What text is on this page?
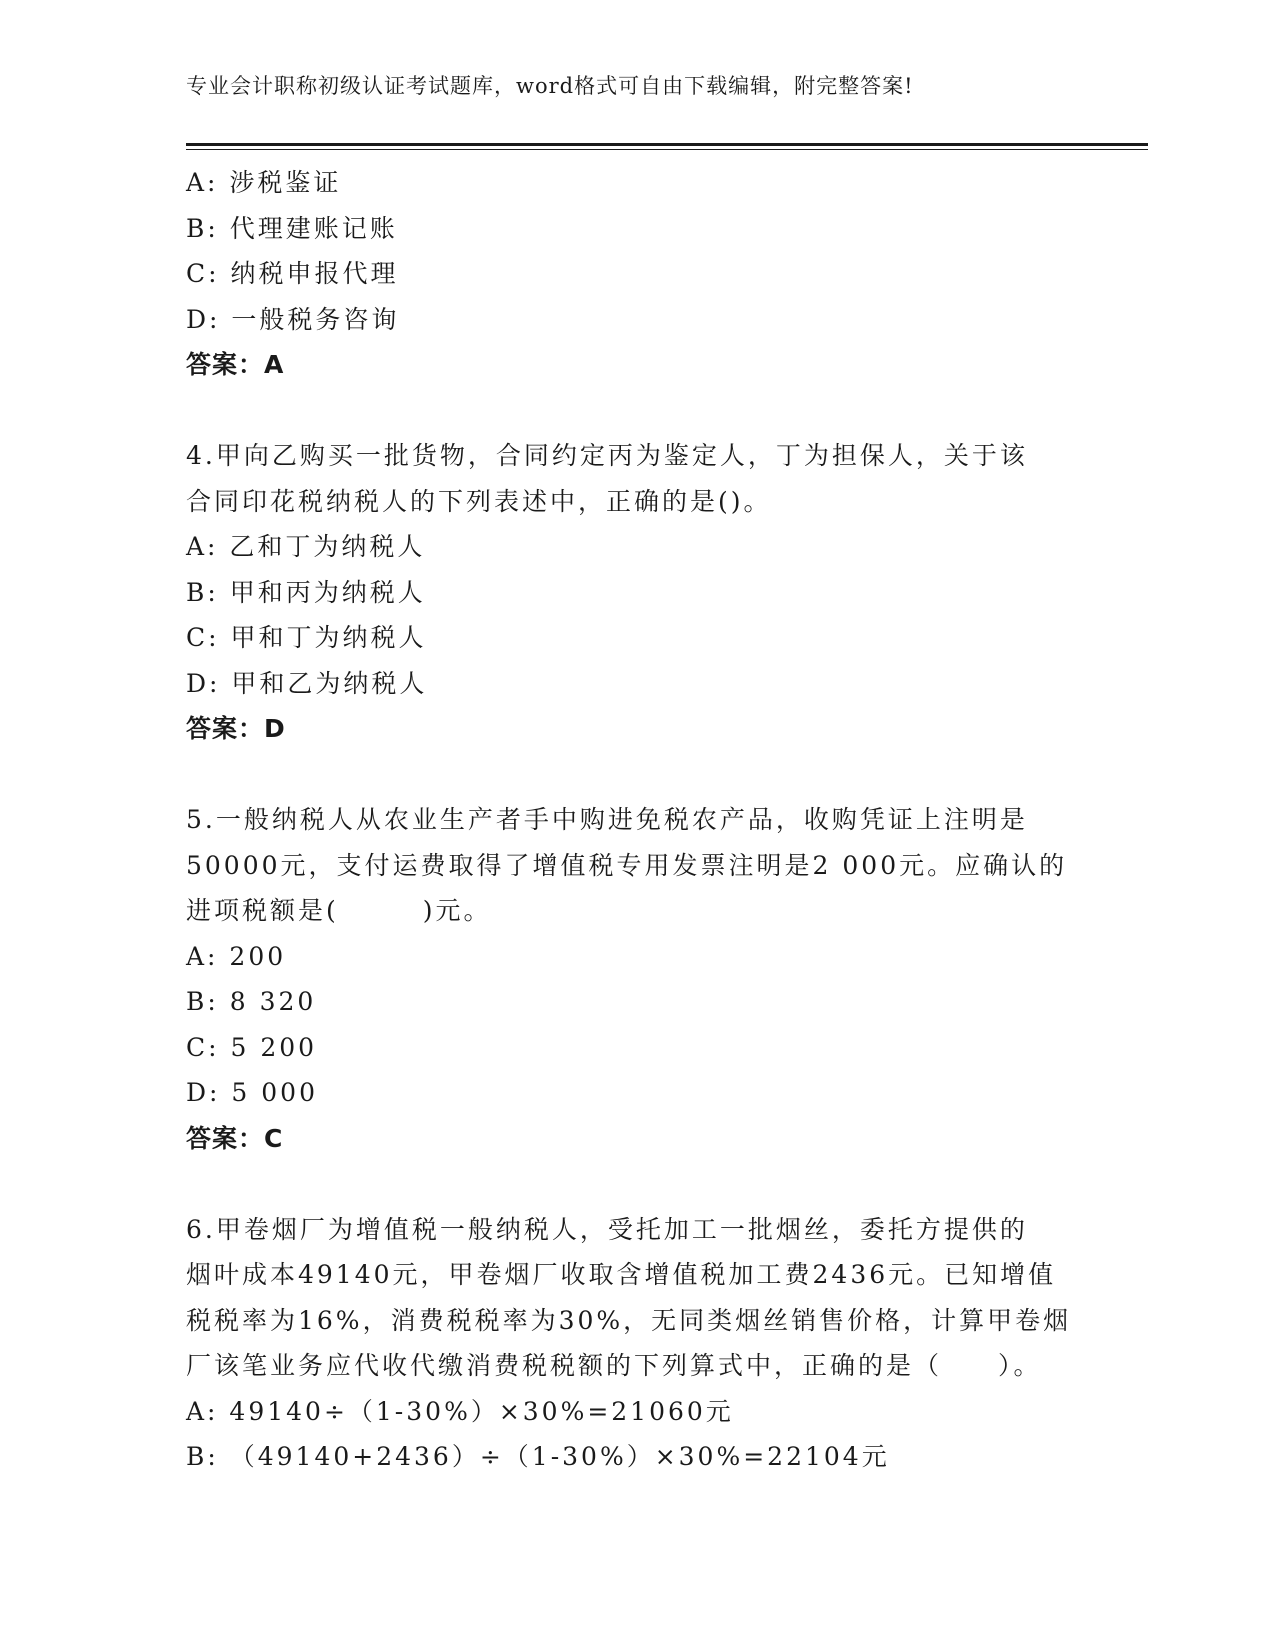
专业会计职称初级认证考试题库，word格式可自由下载编辑，附完整答案!
A: 涉税鉴证
B: 代理建账记账
C: 纳税申报代理
D: 一般税务咨询
答案：A
4.甲向乙购买一批货物，合同约定丙为鉴定人，丁为担保人，关于该
合同印花税纳税人的下列表述中，正确的是()。
A: 乙和丁为纳税人
B: 甲和丙为纳税人
C: 甲和丁为纳税人
D: 甲和乙为纳税人
答案：D
5.一般纳税人从农业生产者手中购进免税农产品，收购凭证上注明是
50000元，支付运费取得了增值税专用发票注明是2 000元。应确认的
进项税额是(　　　)元。
A: 200
B: 8 320
C: 5 200
D: 5 000
答案：C
6.甲卷烟厂为增值税一般纳税人，受托加工一批烟丝，委托方提供的
烟叶成本49140元，甲卷烟厂收取含增值税加工费2436元。已知增值
税税率为16%，消费税税率为30%，无同类烟丝销售价格，计算甲卷烟
厂该笔业务应代收代缴消费税税额的下列算式中，正确的是（　　）。
A: 49140÷（1-30%）×30%=21060元
B: （49140+2436）÷（1-30%）×30%=22104元
